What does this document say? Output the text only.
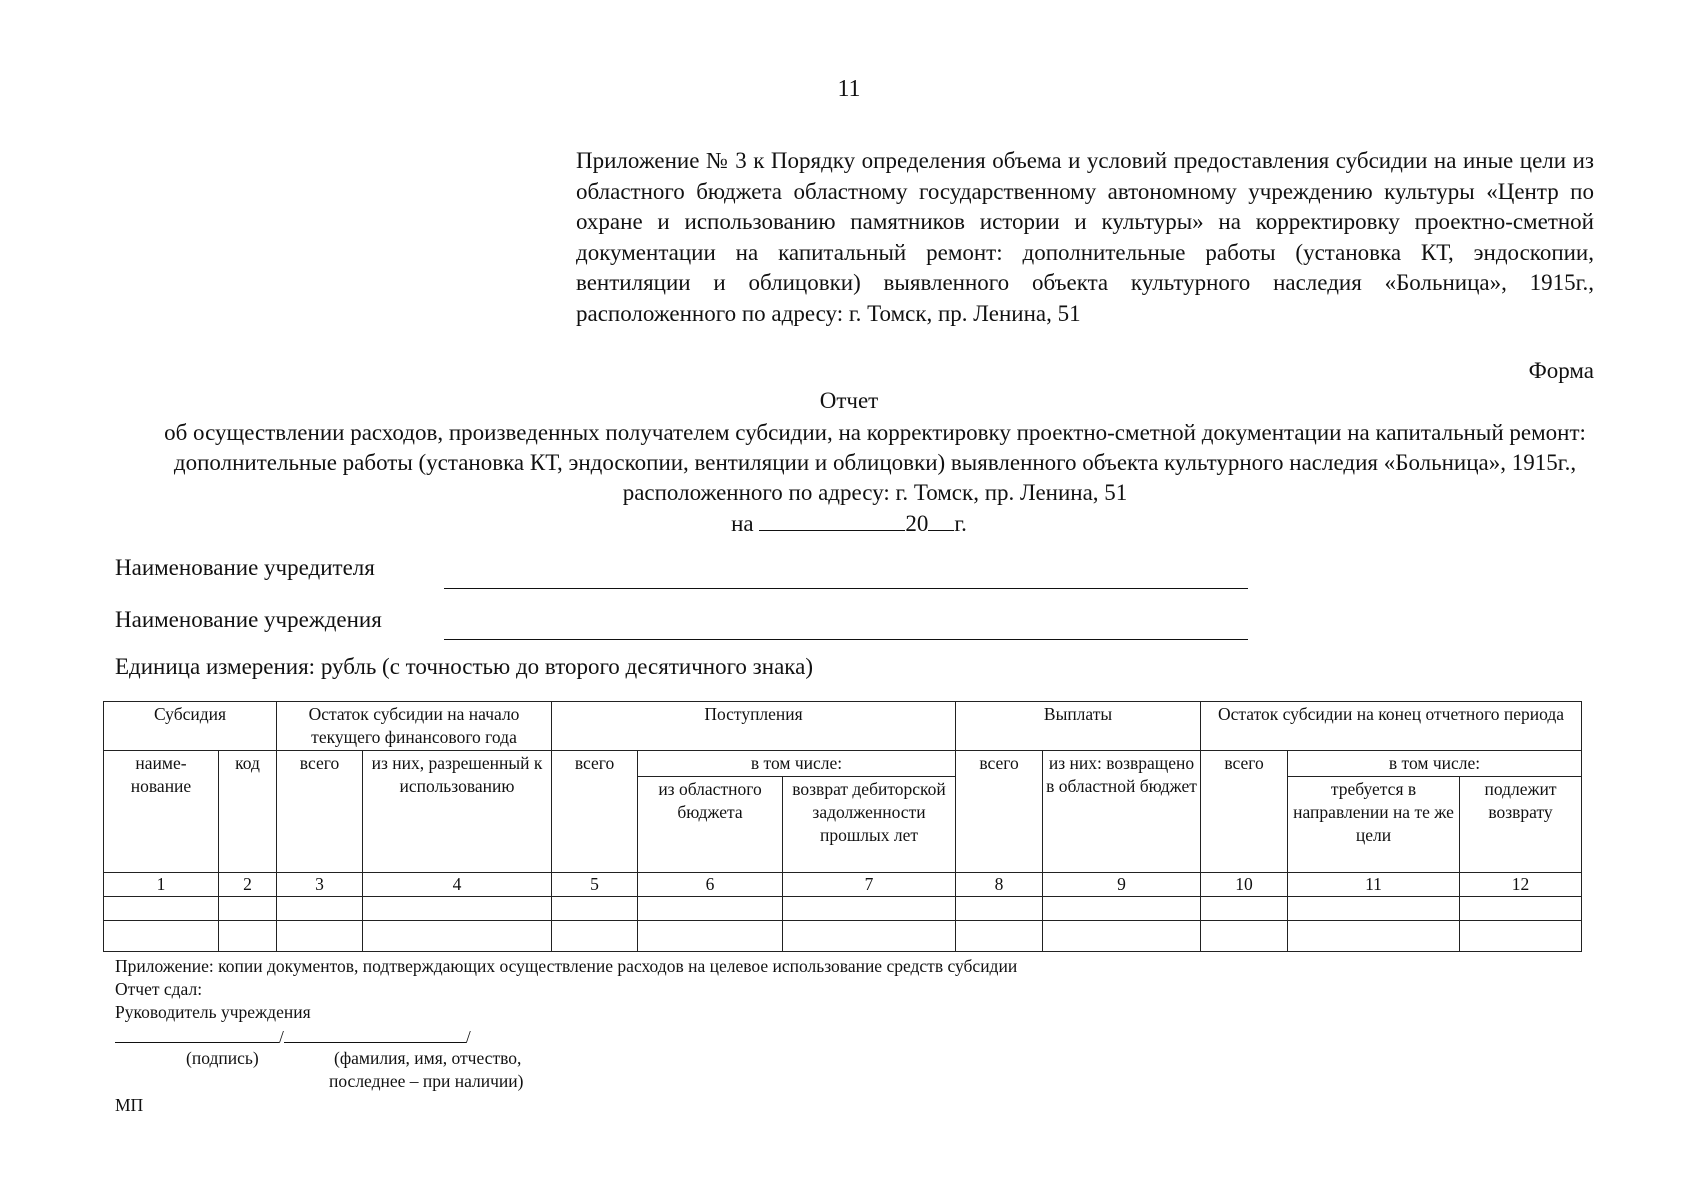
11
Приложение № 3 к Порядку определения объема и условий предоставления субсидии на иные цели из областного бюджета областному государственному автономному учреждению культуры «Центр по охране и использованию памятников истории и культуры» на корректировку проектно-сметной документации на капитальный ремонт: дополнительные работы (установка КТ, эндоскопии, вентиляции и облицовки) выявленного объекта культурного наследия «Больница», 1915г., расположенного по адресу: г. Томск, пр. Ленина, 51
Форма
Отчет
об осуществлении расходов, произведенных получателем субсидии, на корректировку проектно-сметной документации на капитальный ремонт: дополнительные работы (установка КТ, эндоскопии, вентиляции и облицовки) выявленного объекта культурного наследия «Больница», 1915г., расположенного по адресу: г. Томск, пр. Ленина, 51
на	20 г.
Наименование учредителя
Наименование учреждения
Единица измерения: рубль (с точностью до второго десятичного знака)
Субсидия		Остаток субсидии на начало текущего финансового года		Поступления			Выплаты		Остаток субсидии на конец отчетного периода		
наиме-нование	код	всего	из них, разрешенный к использованию	всего	в том числе:		всего	из них: возвращено в областной бюджет	всего	в том числе:	
					из областного бюджета	возврат дебиторской задолженности прошлых лет				требуется в направлении на те же цели	подлежит возврату
1	2	3	4	5	6	7	8	9	10	11	12

Приложение: копии документов, подтверждающих осуществление расходов на целевое использование средств субсидии
Отчет сдал:
Руководитель учреждения
/	/
(подпись)	(фамилия, имя, отчество,
последнее – при наличии)
МП
